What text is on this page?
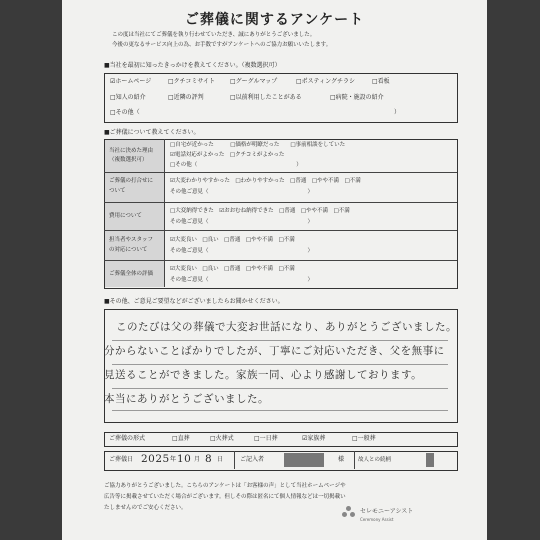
ご葬儀に関するアンケート
この度は当社にてご葬儀を執り行わせていただき、誠にありがとうございました。
今後の更なるサービス向上の為、お手数ですがアンケートへのご協力お願いいたします。
■当社を最初に知ったきっかけを教えてください。（複数選択可）
☑ホームページ	□クチコミサイト □グーグルマップ	□ポスティングチラシ	□看板
□知人の紹介	□近隣の評判	□以前利用したことがある	□病院・施設の紹介
□その他（	）
■ご葬儀について教えてください。
当社に決めた理由
（複数選択可）
□自宅が近かった　　　□価格が明瞭だった　　□事前相談をしていた
☑電話対応がよかった　□クチコミがよかった
□その他（　　　　　　　　　　　　　　　　　　）
ご葬儀の打合せに
ついて
☑大変わかりやすかった　□わかりやすかった　□普通　□やや不満　□不満
その他ご意見（　　　　　　　　　　　　　　　　　　）
費用について
□大変納得できた　☑おおむね納得できた　□普通　□やや不満　□不満
その他ご意見（　　　　　　　　　　　　　　　　　　）
担当者やスタッフ
の対応について
☑大変良い　□良い　□普通　□やや不満　□不満
その他ご意見（　　　　　　　　　　　　　　　　　　）
ご葬儀全体の評価
☑大変良い　□良い　□普通　□やや不満　□不満
その他ご意見（　　　　　　　　　　　　　　　　　　）
■その他、ご意見ご要望などがございましたらお聞かせください。
このたびは父の葬儀で大変お世話になり、ありがとうございました。
分からないことばかりでしたが、丁寧にご対応いただき、父を無事に
見送ることができました。家族一同、心より感謝しております。
本当にありがとうございました。
ご葬儀の形式	□直葬	□火葬式	□一日葬	☑家族葬	□一般葬
ご葬儀日 2025 年 10 月 8 日	ご記入者	様	故人との続柄
ご協力ありがとうございました。こちらのアンケートは「お客様の声」として当社ホームページや
広告等に掲載させていただく場合がございます。但しその際は匿名にて個人情報などは一切掲載い
たしませんのでご安心ください。	セレモニーアシスト
Ceremony Assist
